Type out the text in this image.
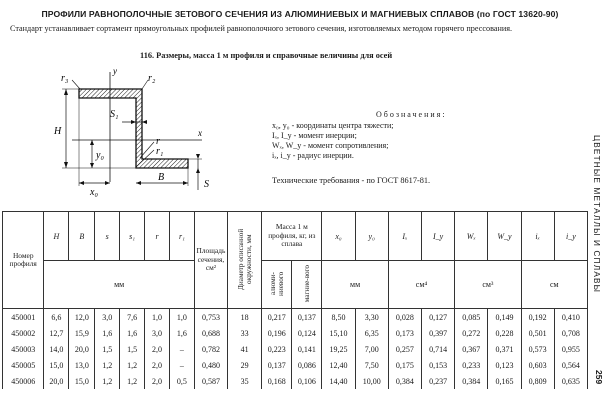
ПРОФИЛИ РАВНОПОЛОЧНЫЕ ЗЕТОВОГО СЕЧЕНИЯ ИЗ АЛЮМИНИЕВЫХ И МАГНИЕВЫХ СПЛАВОВ (по ГОСТ 13620-90)
Стандарт устанавливает сортамент прямоугольных профилей равнополочного зетового сечения, изготовляемых методом горячего прессования.
116. Размеры, масса 1 м профиля и справочные величины для осей
r₃	r₂
S₁
r
r₁
H
y₀
x₀
B
S
x
y
Обозначения:
x₀, y₀ - координаты центра тяжести;
Iₓ, I_y - момент инерции;
Wₓ, W_y - момент сопротивления;
iₓ, i_y - радиус инерции.
Технические требования - по ГОСТ 8617-81.	ЦВЕТНЫЕ МЕТАЛЛЫ И СПЛАВЫ
259
Номер профиля	H	B	s	s₁	r	r₁	Площадь сечения, см²	Диаметр описанной окружности, мм	Масса 1 м профиля, кг, из сплава		x₀	y₀	Iₓ	I_y	Wₓ	W_y	iₓ	i_y
	мм								алюми-ниевого	магние-вого	мм		см⁴		см³		см	
450001	6,6	12,0	3,0	7,6	1,0	1,0	0,753	18	0,217	0,137	8,50	3,30	0,028	0,127	0,085	0,149	0,192	0,410
450002	12,7	15,9	1,6	1,6	3,0	1,6	0,688	33	0,196	0,124	15,10	6,35	0,173	0,397	0,272	0,228	0,501	0,708
450003	14,0	20,0	1,5	1,5	2,0	–	0,782	41	0,223	0,141	19,25	7,00	0,257	0,714	0,367	0,371	0,573	0,955
450005	15,0	13,0	1,2	1,2	2,0	–	0,480	29	0,137	0,086	12,40	7,50	0,175	0,153	0,233	0,123	0,603	0,564
450006	20,0	15,0	1,2	1,2	2,0	0,5	0,587	35	0,168	0,106	14,40	10,00	0,384	0,237	0,384	0,165	0,809	0,635
